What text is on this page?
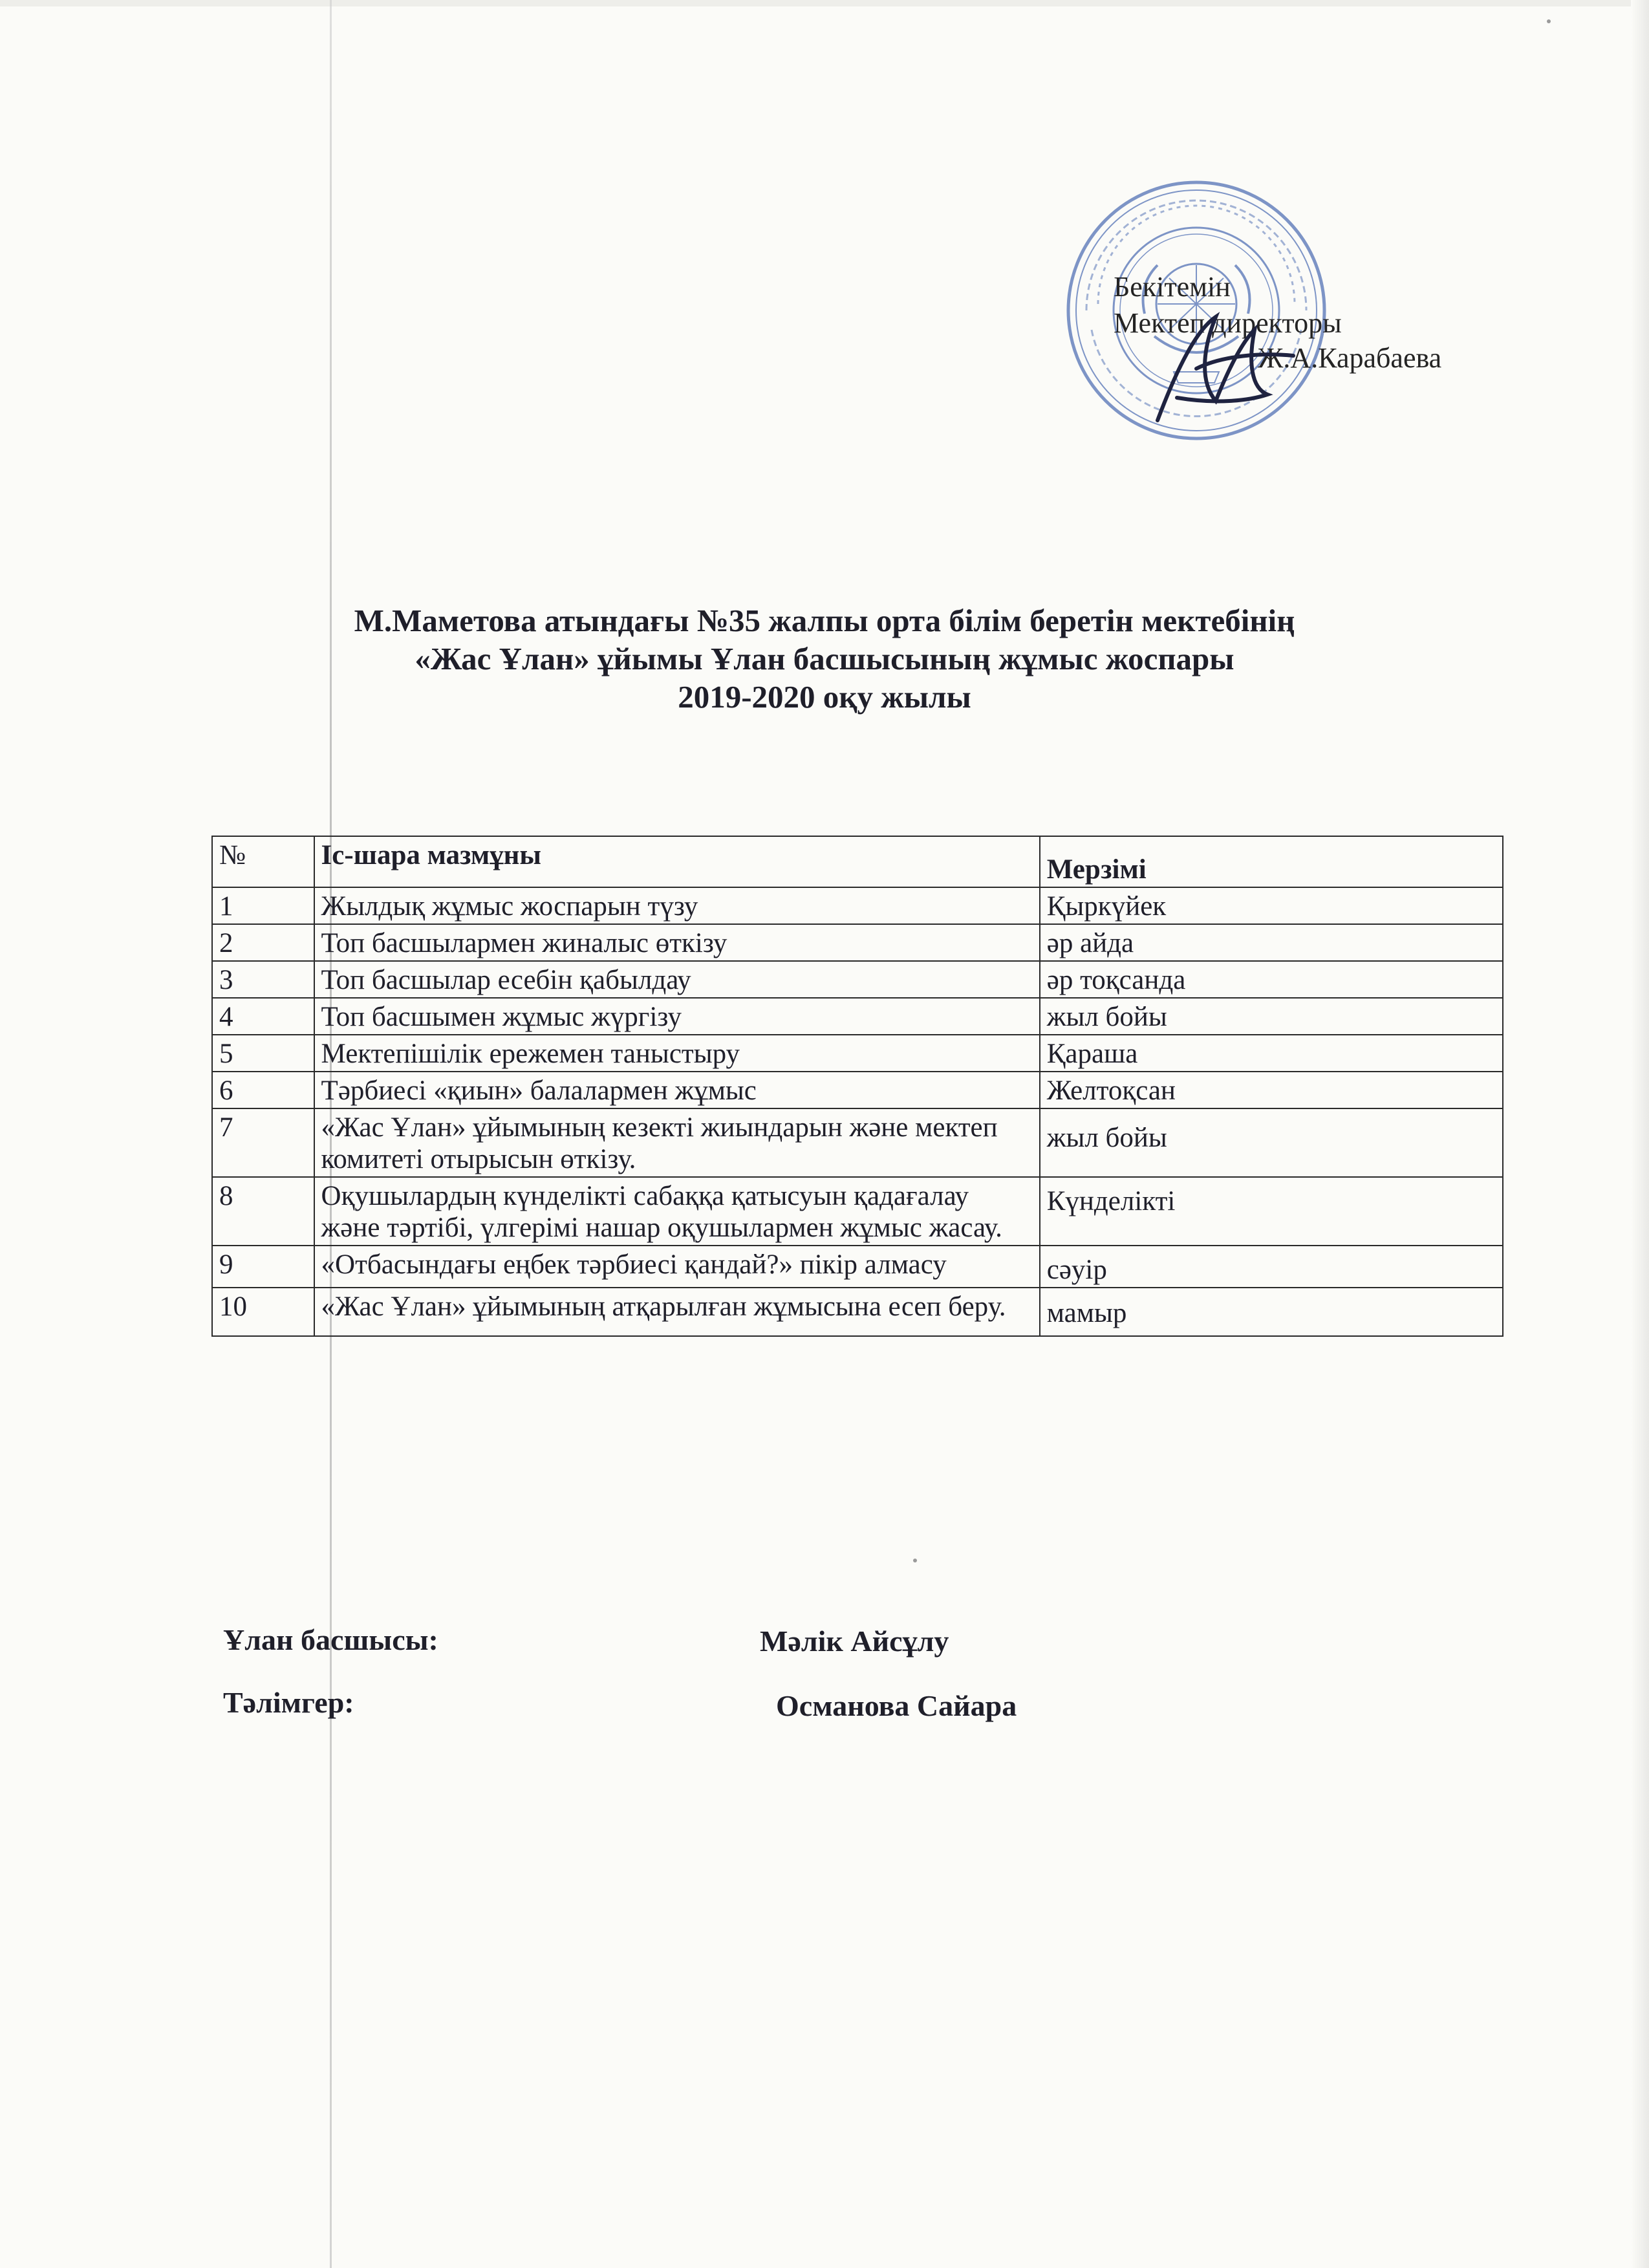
Бекітемін
Мектеп директоры
Ж.А.Карабаева
М.Маметова атындағы №35 жалпы орта білім беретін мектебінің
«Жас Ұлан» ұйымы Ұлан басшысының жұмыс жоспары
2019-2020 оқу жылы
№	Іс-шара мазмұны	Мерзімі
1	Жылдық жұмыс жоспарын түзу	Қыркүйек
2	Топ басшылармен жиналыс өткізу	әр айда
3	Топ басшылар есебін қабылдау	әр тоқсанда
4	Топ басшымен жұмыс жүргізу	жыл бойы
5	Мектепішілік ережемен таныстыру	Қараша
6	Тәрбиесі «қиын» балалармен жұмыс	Желтоқсан
7	«Жас Ұлан» ұйымының кезекті жиындарын және мектеп комитеті отырысын өткізу.	жыл бойы
8	Оқушылардың күнделікті сабаққа қатысуын қадағалау және тәртібі, үлгерімі нашар оқушылармен жұмыс жасау.	Күнделікті
9	«Отбасындағы еңбек тәрбиесі қандай?» пікір алмасу	сәуір
10	«Жас Ұлан» ұйымының атқарылған жұмысына есеп беру.	мамыр
Ұлан басшысы:	Мәлік Айсұлу
Тәлімгер:	Османова Сайара
